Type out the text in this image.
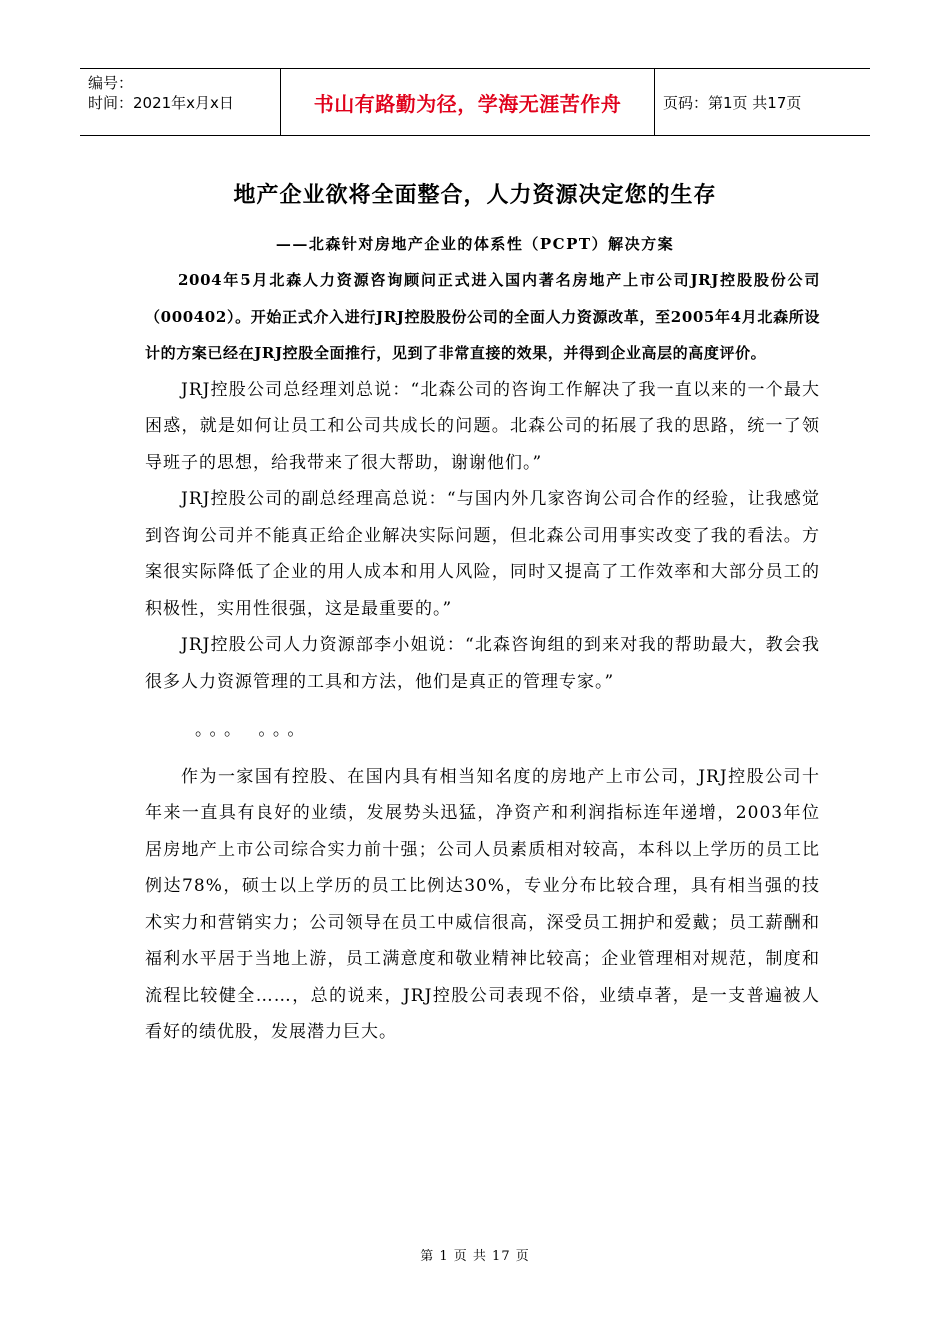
编号：
时间：2021年x月x日	书山有路勤为径，学海无涯苦作舟	页码：第1页 共17页
地产企业欲将全面整合，人力资源决定您的生存
——北森针对房地产企业的体系性（PCPT）解决方案

2004年5月北森人力资源咨询顾问正式进入国内著名房地产上市公司JRJ控股股份公司（000402）。开始正式介入进行JRJ控股股份公司的全面人力资源改革，至2005年4月北森所设计的方案已经在JRJ控股全面推行，见到了非常直接的效果，并得到企业高层的高度评价。

JRJ控股公司总经理刘总说：“北森公司的咨询工作解决了我一直以来的一个最大困惑，就是如何让员工和公司共成长的问题。北森公司的拓展了我的思路，统一了领导班子的思想，给我带来了很大帮助，谢谢他们。”

JRJ控股公司的副总经理高总说：“与国内外几家咨询公司合作的经验，让我感觉到咨询公司并不能真正给企业解决实际问题，但北森公司用事实改变了我的看法。方案很实际降低了企业的用人成本和用人风险，同时又提高了工作效率和大部分员工的积极性，实用性很强，这是最重要的。”

JRJ控股公司人力资源部李小姐说：“北森咨询组的到来对我的帮助最大，教会我很多人力资源管理的工具和方法，他们是真正的管理专家。”

。。。 。。。

作为一家国有控股、在国内具有相当知名度的房地产上市公司，JRJ控股公司十年来一直具有良好的业绩，发展势头迅猛，净资产和利润指标连年递增，2003年位居房地产上市公司综合实力前十强；公司人员素质相对较高，本科以上学历的员工比例达78%，硕士以上学历的员工比例达30%，专业分布比较合理，具有相当强的技术实力和营销实力；公司领导在员工中威信很高，深受员工拥护和爱戴；员工薪酬和福利水平居于当地上游，员工满意度和敬业精神比较高；企业管理相对规范，制度和流程比较健全……，总的说来，JRJ控股公司表现不俗，业绩卓著，是一支普遍被人看好的绩优股，发展潜力巨大。

第 1 页 共 17 页
